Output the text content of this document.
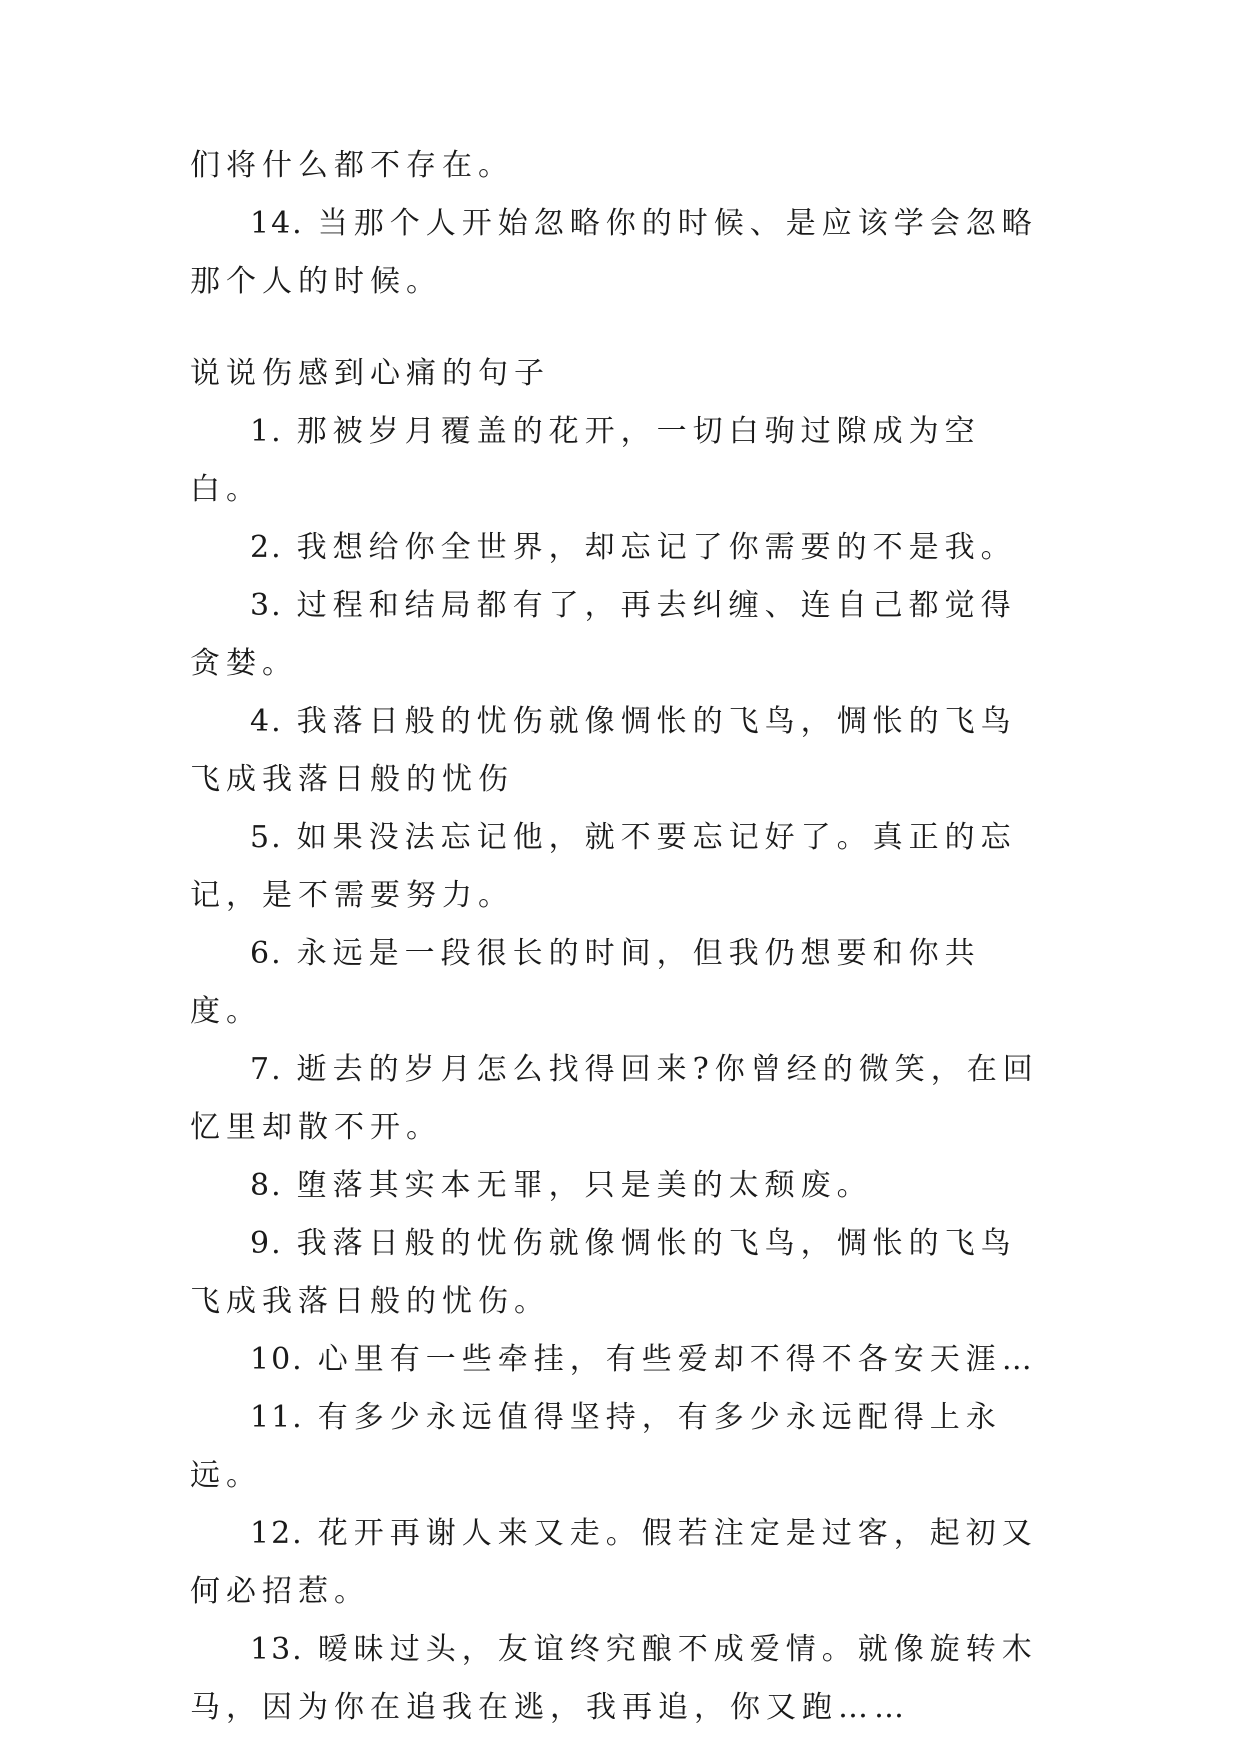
们将什么都不存在。

14. 当那个人开始忽略你的时候、是应该学会忽略那个人的时候。

说说伤感到心痛的句子

1. 那被岁月覆盖的花开，一切白驹过隙成为空白。

2. 我想给你全世界，却忘记了你需要的不是我。

3. 过程和结局都有了，再去纠缠、连自己都觉得贪婪。

4. 我落日般的忧伤就像惆怅的飞鸟，惆怅的飞鸟飞成我落日般的忧伤

5. 如果没法忘记他，就不要忘记好了。真正的忘记，是不需要努力。

6. 永远是一段很长的时间，但我仍想要和你共度。

7. 逝去的岁月怎么找得回来?你曾经的微笑，在回忆里却散不开。

8. 堕落其实本无罪，只是美的太颓废。

9. 我落日般的忧伤就像惆怅的飞鸟，惆怅的飞鸟飞成我落日般的忧伤。

10. 心里有一些牵挂，有些爱却不得不各安天涯…

11. 有多少永远值得坚持，有多少永远配得上永远。

12. 花开再谢人来又走。假若注定是过客，起初又何必招惹。

13. 暧昧过头，友谊终究酿不成爱情。就像旋转木马，因为你在追我在逃，我再追，你又跑……
